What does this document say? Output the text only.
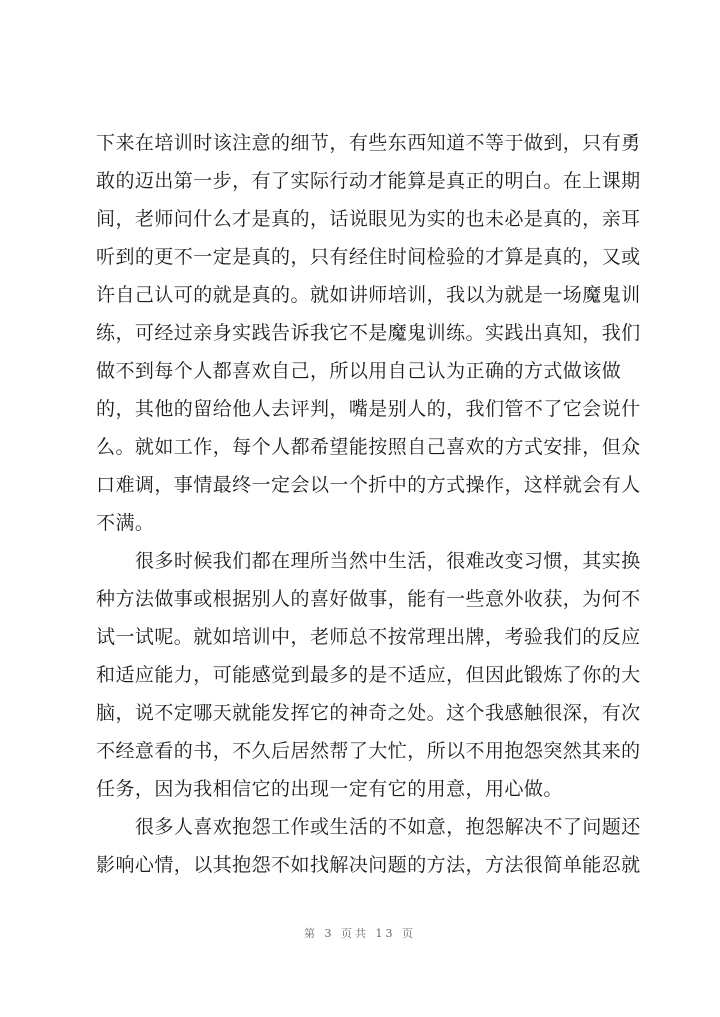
下来在培训时该注意的细节，有些东西知道不等于做到，只有勇
敢的迈出第一步，有了实际行动才能算是真正的明白。在上课期
间，老师问什么才是真的，话说眼见为实的也未必是真的，亲耳
听到的更不一定是真的，只有经住时间检验的才算是真的，又或
许自己认可的就是真的。就如讲师培训，我以为就是一场魔鬼训
练，可经过亲身实践告诉我它不是魔鬼训练。实践出真知，我们
做不到每个人都喜欢自己，所以用自己认为正确的方式做该做
的，其他的留给他人去评判，嘴是别人的，我们管不了它会说什
么。就如工作，每个人都希望能按照自己喜欢的方式安排，但众
口难调，事情最终一定会以一个折中的方式操作，这样就会有人
不满。
很多时候我们都在理所当然中生活，很难改变习惯，其实换
种方法做事或根据别人的喜好做事，能有一些意外收获，为何不
试一试呢。就如培训中，老师总不按常理出牌，考验我们的反应
和适应能力，可能感觉到最多的是不适应，但因此锻炼了你的大
脑，说不定哪天就能发挥它的神奇之处。这个我感触很深，有次
不经意看的书，不久后居然帮了大忙，所以不用抱怨突然其来的
任务，因为我相信它的出现一定有它的用意，用心做。
很多人喜欢抱怨工作或生活的不如意，抱怨解决不了问题还
影响心情，以其抱怨不如找解决问题的方法，方法很简单能忍就
第 3 页共 13 页
